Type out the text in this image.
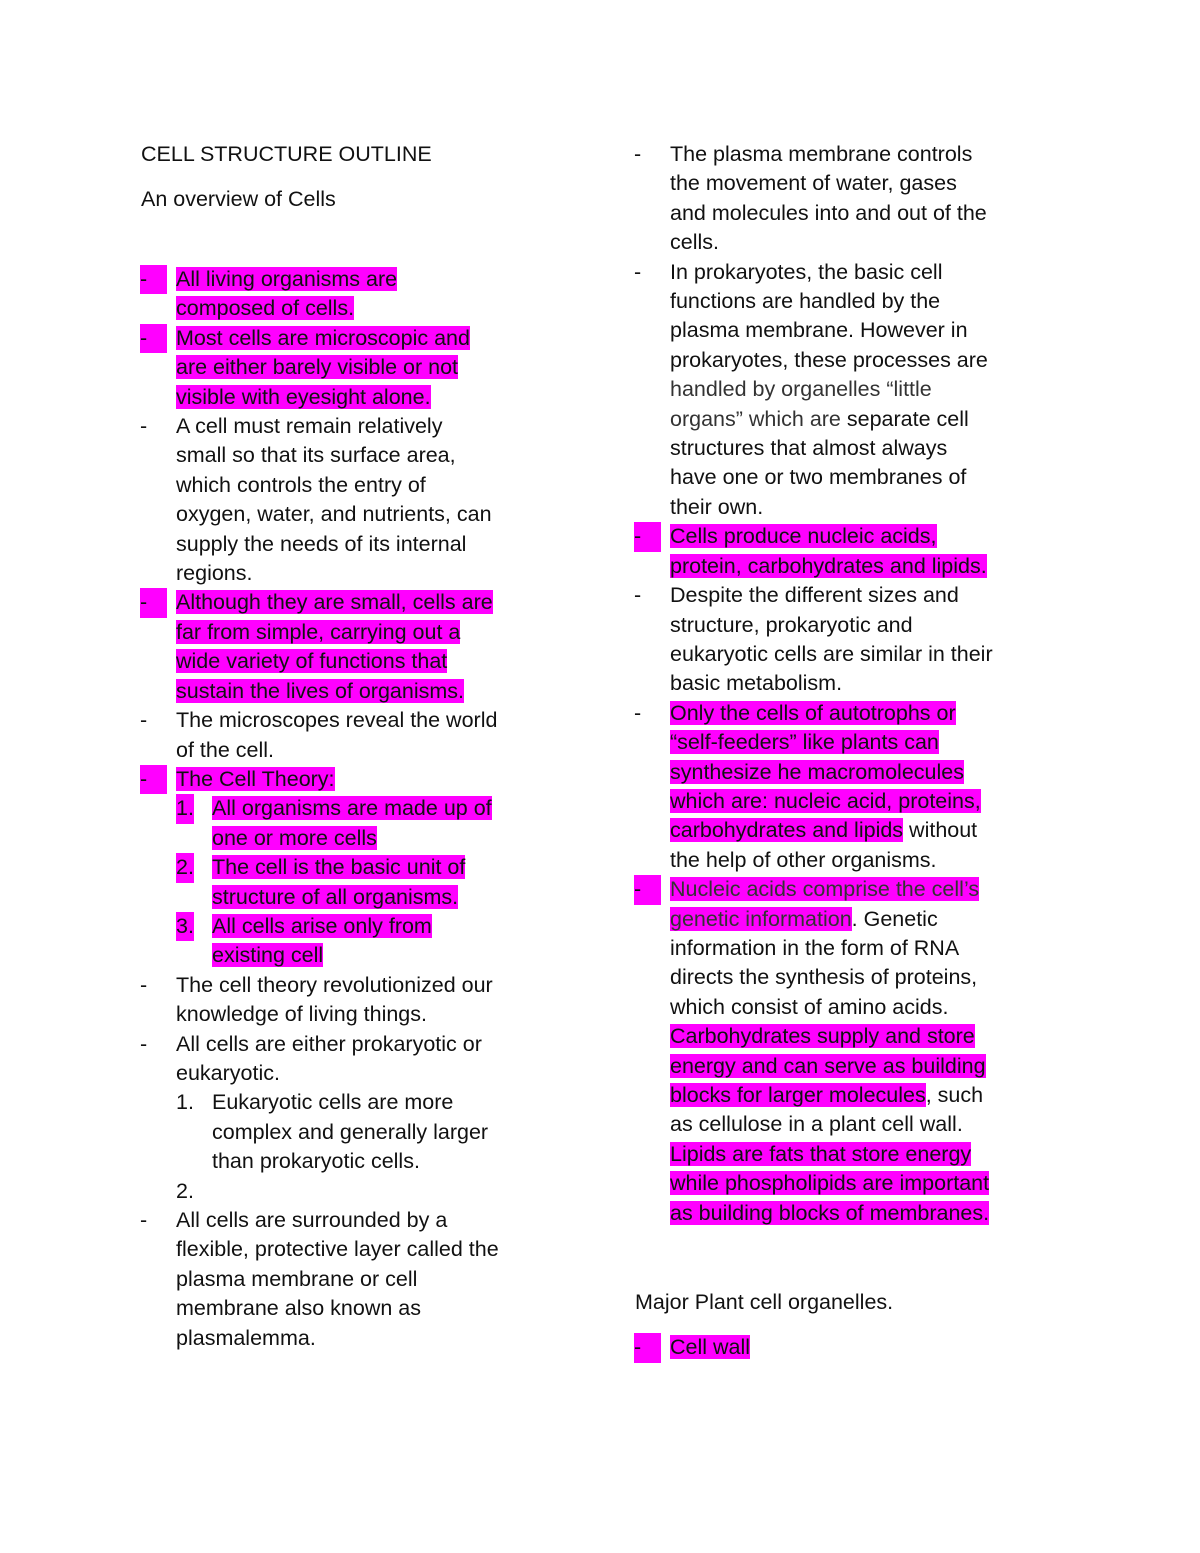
CELL STRUCTURE OUTLINE
An overview of Cells
-	All living organisms are
composed of cells.
-	Most cells are microscopic and
are either barely visible or not
visible with eyesight alone.
- A cell must remain relatively
small so that its surface area,
which controls the entry of
oxygen, water, and nutrients, can
supply the needs of its internal
regions.
-	Although they are small, cells are
far from simple, carrying out a
wide variety of functions that
sustain the lives of organisms.
- The microscopes reveal the world
of the cell.
-	The Cell Theory:
1. All organisms are made up of
one or more cells
2. The cell is the basic unit of
structure of all organisms.
3. All cells arise only from
existing cell
- The cell theory revolutionized our
knowledge of living things.
- All cells are either prokaryotic or
eukaryotic.
1. Eukaryotic cells are more
complex and generally larger
than prokaryotic cells.
2.
- All cells are surrounded by a
flexible, protective layer called the
plasma membrane or cell
membrane also known as
plasmalemma.
- The plasma membrane controls
the movement of water, gases
and molecules into and out of the
cells.
- In prokaryotes, the basic cell
functions are handled by the
plasma membrane. However in
prokaryotes, these processes are
handled by organelles “little
organs” which are separate cell
structures that almost always
have one or two membranes of
their own.
-	Cells produce nucleic acids,
protein, carbohydrates and lipids.
- Despite the different sizes and
structure, prokaryotic and
eukaryotic cells are similar in their
basic metabolism.
- Only the cells of autotrophs or
“self-feeders” like plants can
synthesize he macromolecules
which are: nucleic acid, proteins,
carbohydrates and lipids without
the help of other organisms.
-	Nucleic acids comprise the cell’s
genetic information. Genetic
information in the form of RNA
directs the synthesis of proteins,
which consist of amino acids.
Carbohydrates supply and store
energy and can serve as building
blocks for larger molecules, such
as cellulose in a plant cell wall.
Lipids are fats that store energy
while phospholipids are important
as building blocks of membranes.
Major Plant cell organelles.
-	Cell wall
